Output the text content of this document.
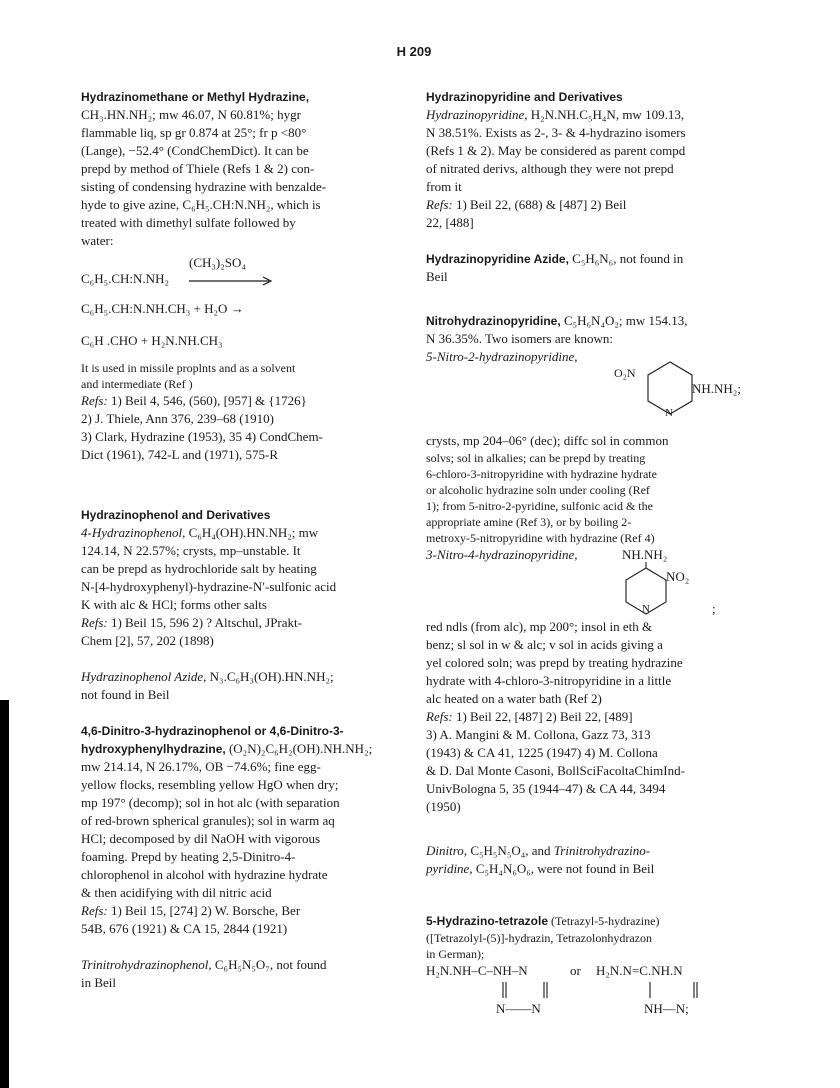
H 209

Hydrazinomethane or Methyl Hydrazine,

CH₃.HN.NH₂; mw 46.07, N 60.81%; hygr

flammable liq, sp gr 0.874 at 25°; fr p <80°

(Lange), −52.4° (CondChemDict). It can be

prepd by method of Thiele (Refs 1 & 2) con-

sisting of condensing hydrazine with benzalde-

hyde to give azine, C₆H₅.CH:N.NH₂, which is

treated with dimethyl sulfate followed by

water:

(CH₃)₂SO₄
C₆H₅.CH:N.NH₂

C₆H₅.CH:N.NH.CH₃ + H₂O →

C₆H .CHO + H₂N.NH.CH₃

It is used in missile proplnts and as a solvent

and intermediate (Ref )

Refs: 1) Beil 4, 546, (560), [957] & {1726}

2) J. Thiele, Ann 376, 239–68 (1910)

3) Clark, Hydrazine (1953), 35 4) CondChem-

Dict (1961), 742-L and (1971), 575-R

Hydrazinophenol and Derivatives

4-Hydrazinophenol, C₆H₄(OH).HN.NH₂; mw

124.14, N 22.57%; crysts, mp–unstable. It

can be prepd as hydrochloride salt by heating

N-[4-hydroxyphenyl)-hydrazine-N′-sulfonic acid

K with alc & HCl; forms other salts

Refs: 1) Beil 15, 596 2) ? Altschul, JPrakt-

Chem [2], 57, 202 (1898)

Hydrazinophenol Azide, N₃.C₆H₃(OH).HN.NH₂;

not found in Beil

4,6-Dinitro-3-hydrazinophenol or 4,6-Dinitro-3-

hydroxyphenylhydrazine, (O₂N)₂C₆H₂(OH).NH.NH₂;

mw 214.14, N 26.17%, OB −74.6%; fine egg-

yellow flocks, resembling yellow HgO when dry;

mp 197° (decomp); sol in hot alc (with separation

of red-brown spherical granules); sol in warm aq

HCl; decomposed by dil NaOH with vigorous

foaming. Prepd by heating 2,5-Dinitro-4-

chlorophenol in alcohol with hydrazine hydrate

& then acidifying with dil nitric acid

Refs: 1) Beil 15, [274] 2) W. Borsche, Ber

54B, 676 (1921) & CA 15, 2844 (1921)

Trinitrohydrazinophenol, C₆H₅N₅O₇, not found

in Beil

Hydrazinopyridine and Derivatives

Hydrazinopyridine, H₂N.NH.C₅H₄N, mw 109.13,

N 38.51%. Exists as 2-, 3- & 4-hydrazino isomers

(Refs 1 & 2). May be considered as parent compd

of nitrated derivs, although they were not prepd

from it

Refs: 1) Beil 22, (688) & [487] 2) Beil

22, [488]

Hydrazinopyridine Azide, C₅H₆N₆, not found in

Beil

Nitrohydrazinopyridine, C₅H₆N₄O₂; mw 154.13,

N 36.35%. Two isomers are known:

5-Nitro-2-hydrazinopyridine,

O₂N
N
NH.NH₂;

crysts, mp 204–06° (dec); diffc sol in common

solvs; sol in alkalies; can be prepd by treating

6-chloro-3-nitropyridine with hydrazine hydrate

or alcoholic hydrazine soln under cooling (Ref

1); from 5-nitro-2-pyridine, sulfonic acid & the

appropriate amine (Ref 3), or by boiling 2-

metroxy-5-nitropyridine with hydrazine (Ref 4)

3-Nitro-4-hydrazinopyridine,	NH.NH₂

NO₂
N	;

red ndls (from alc), mp 200°; insol in eth &

benz; sl sol in w & alc; v sol in acids giving a

yel colored soln; was prepd by treating hydrazine

hydrate with 4-chloro-3-nitropyridine in a little

alc heated on a water bath (Ref 2)

Refs: 1) Beil 22, [487] 2) Beil 22, [489]

3) A. Mangini & M. Collona, Gazz 73, 313

(1943) & CA 41, 1225 (1947) 4) M. Collona

& D. Dal Monte Casoni, BollSciFacoltaChimInd-

UnivBologna 5, 35 (1944–47) & CA 44, 3494

(1950)

Dinitro, C₅H₅N₅O₄, and Trinitrohydrazino-

pyridine, C₅H₄N₆O₆, were not found in Beil

5-Hydrazino-tetrazole (Tetrazyl-5-hydrazine)

([Tetrazolyl-(5)]-hydrazin, Tetrazolonhydrazon

in German);

H₂N.NH–C–NH–N	or H₂N.N=C.NH.N
N——N	NH—N;
